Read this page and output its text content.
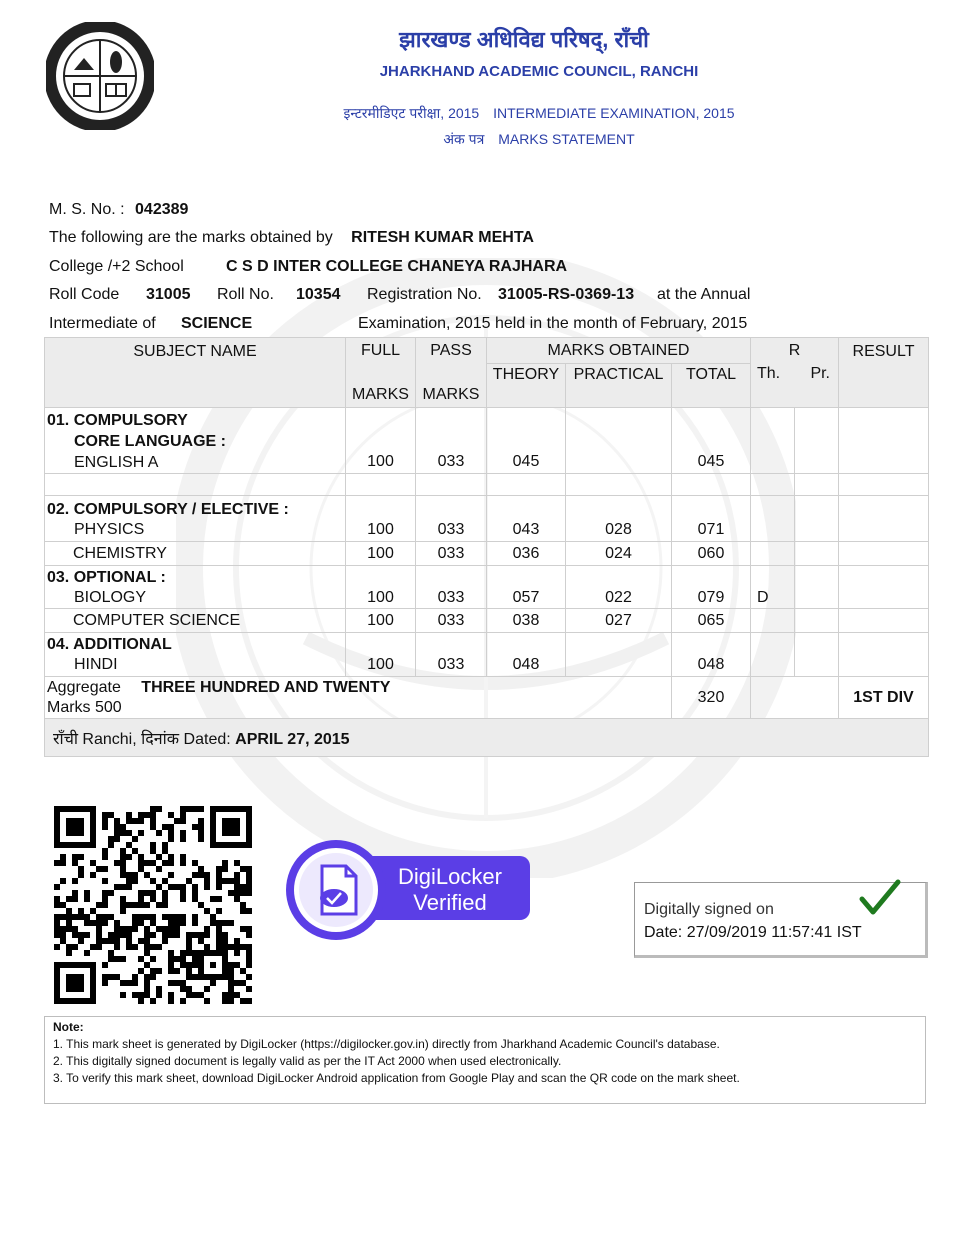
झारखण्ड अधिविद्य परिषद्, राँची
JHARKHAND ACADEMIC COUNCIL, RANCHI
इन्टरमीडिएट परीक्षा, 2015 INTERMEDIATE EXAMINATION, 2015
अंक पत्र MARKS STATEMENT
M. S. No. : 042389
The following are the marks obtained by RITESH KUMAR MEHTA
College /+2 School	C S D INTER COLLEGE CHANEYA RAJHARA
Roll Code 31005 Roll No. 10354 Registration No. 31005-RS-0369-13 at the Annual
Intermediate of SCIENCE	Examination, 2015 held in the month of February, 2015
SUBJECT NAME	FULL	PASS	MARKS OBTAINED			R		RESULT
	MARKS	MARKS	THEORY	PRACTICAL	TOTAL	Th.	Pr.	

01. COMPULSORY
CORE LANGUAGE :
ENGLISH A	100	033	045		045			

02. COMPULSORY / ELECTIVE :
PHYSICS	100	033	043	028	071			
CHEMISTRY	100	033	036	024	060			

03. OPTIONAL :
BIOLOGY	100	033	057	022	079	D		
COMPUTER SCIENCE	100	033	038	027	065			

04. ADDITIONAL
HINDI	100	033	048		048			

Aggregate THREE HUNDRED AND TWENTY
Marks 500					320			1ST DIV
राँची Ranchi, दिनांक Dated: APRIL 27, 2015								
DigiLocker
Verified	Digitally signed on
Date: 27/09/2019 11:57:41 IST
Note:
1. This mark sheet is generated by DigiLocker (https://digilocker.gov.in) directly from Jharkhand Academic Council's database.
2. This digitally signed document is legally valid as per the IT Act 2000 when used electronically.
3. To verify this mark sheet, download DigiLocker Android application from Google Play and scan the QR code on the mark sheet.
